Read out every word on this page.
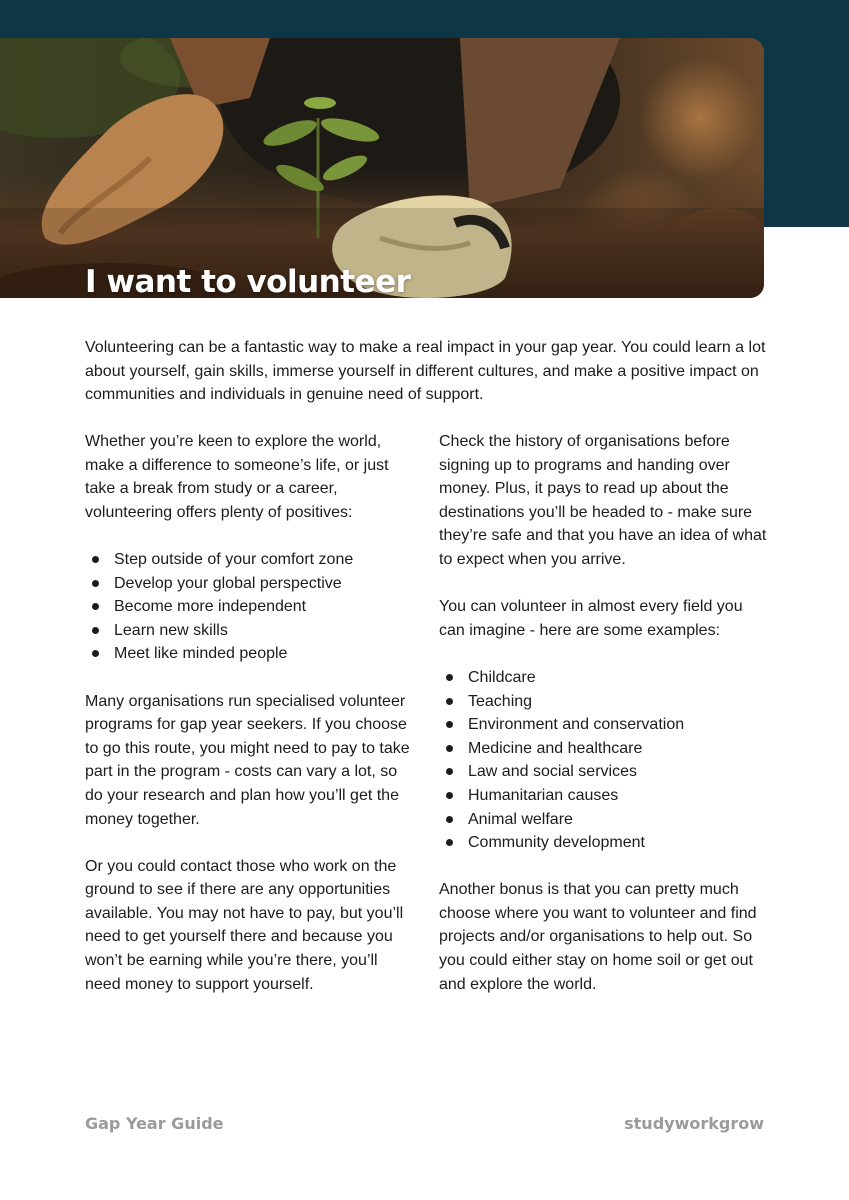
I want to volunteer

Volunteering can be a fantastic way to make a real impact in your gap year. You could learn a lot about yourself, gain skills, immerse yourself in different cultures, and make a positive impact on communities and individuals in genuine need of support.

Whether you’re keen to explore the world, make a difference to someone’s life, or just take a break from study or a career, volunteering offers plenty of positives:

Step outside of your comfort zone
Develop your global perspective
Become more independent
Learn new skills
Meet like minded people

Many organisations run specialised volunteer programs for gap year seekers. If you choose to go this route, you might need to pay to take part in the program - costs can vary a lot, so do your research and plan how you’ll get the money together.

Or you could contact those who work on the ground to see if there are any opportunities available. You may not have to pay, but you’ll need to get yourself there and because you won’t be earning while you’re there, you’ll need money to support yourself.

Check the history of organisations before signing up to programs and handing over money. Plus, it pays to read up about the destinations you’ll be headed to - make sure they’re safe and that you have an idea of what to expect when you arrive.

You can volunteer in almost every field you can imagine - here are some examples:

Childcare
Teaching
Environment and conservation
Medicine and healthcare
Law and social services
Humanitarian causes
Animal welfare
Community development

Another bonus is that you can pretty much choose where you want to volunteer and find projects and/or organisations to help out. So you could either stay on home soil or get out and explore the world.

Gap Year Guide	studyworkgrow
